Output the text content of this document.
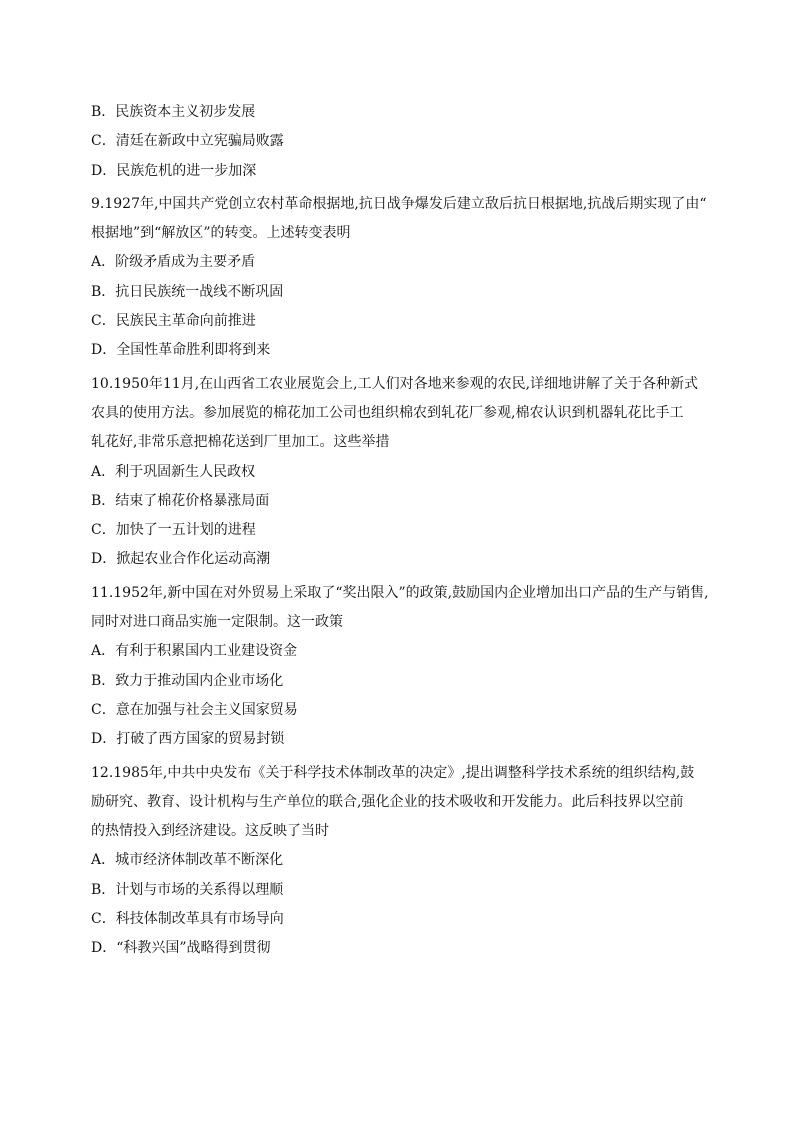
B．民族资本主义初步发展
C．清廷在新政中立宪骗局败露
D．民族危机的进一步加深
9.1927年,中国共产党创立农村革命根据地,抗日战争爆发后建立敌后抗日根据地,抗战后期实现了由“
根据地”到“解放区”的转变。上述转变表明
A．阶级矛盾成为主要矛盾
B．抗日民族统一战线不断巩固
C．民族民主革命向前推进
D．全国性革命胜利即将到来
10.1950年11月,在山西省工农业展览会上,工人们对各地来参观的农民,详细地讲解了关于各种新式
农具的使用方法。参加展览的棉花加工公司也组织棉农到轧花厂参观,棉农认识到机器轧花比手工
轧花好,非常乐意把棉花送到厂里加工。这些举措
A．利于巩固新生人民政权
B．结束了棉花价格暴涨局面
C．加快了一五计划的进程
D．掀起农业合作化运动高潮
11.1952年,新中国在对外贸易上采取了“奖出限入”的政策,鼓励国内企业增加出口产品的生产与销售,
同时对进口商品实施一定限制。这一政策
A．有利于积累国内工业建设资金
B．致力于推动国内企业市场化
C．意在加强与社会主义国家贸易
D．打破了西方国家的贸易封锁
12.1985年,中共中央发布《关于科学技术体制改革的决定》,提出调整科学技术系统的组织结构,鼓
励研究、教育、设计机构与生产单位的联合,强化企业的技术吸收和开发能力。此后科技界以空前
的热情投入到经济建设。这反映了当时
A．城市经济体制改革不断深化
B．计划与市场的关系得以理顺
C．科技体制改革具有市场导向
D．“科教兴国”战略得到贯彻
